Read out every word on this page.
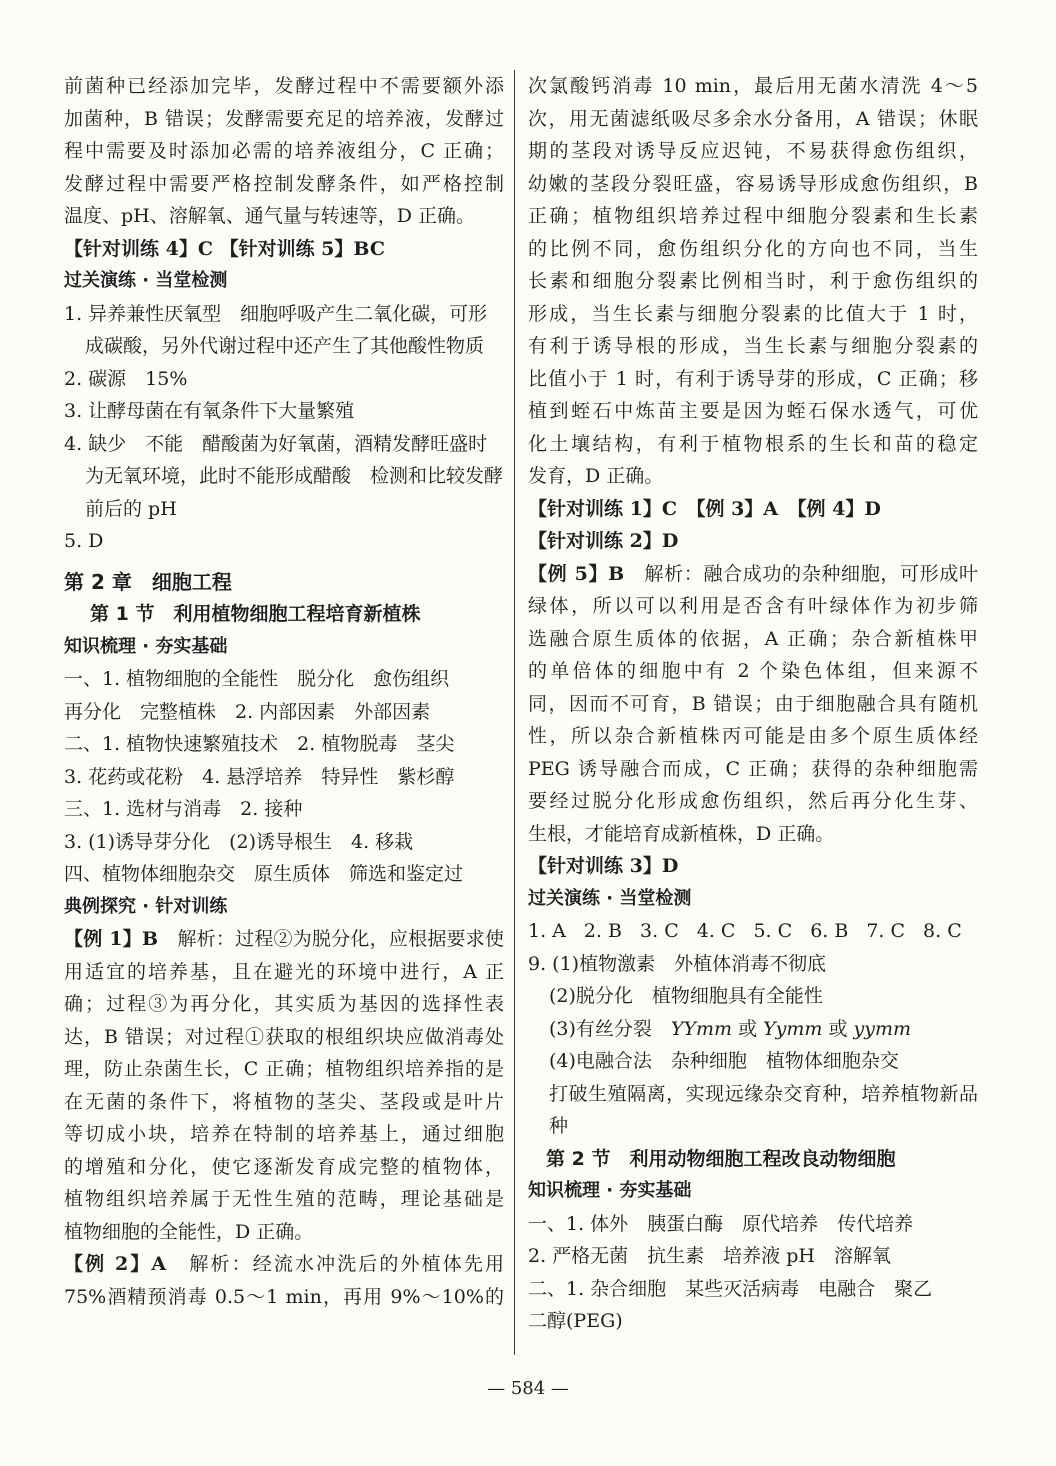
前菌种已经添加完毕，发酵过程中不需要额外添

加菌种，B 错误；发酵需要充足的培养液，发酵过

程中需要及时添加必需的培养液组分，C 正确；

发酵过程中需要严格控制发酵条件，如严格控制

温度、pH、溶解氧、通气量与转速等，D 正确。

【针对训练 4】C 【针对训练 5】BC

过关演练 · 当堂检测

1. 异养兼性厌氧型　细胞呼吸产生二氧化碳，可形成碳酸，另外代谢过程中还产生了其他酸性物质

2. 碳源　15%

3. 让酵母菌在有氧条件下大量繁殖

4. 缺少　不能　醋酸菌为好氧菌，酒精发酵旺盛时为无氧环境，此时不能形成醋酸　检测和比较发酵前后的 pH

5. D

第 2 章　细胞工程

第 1 节　利用植物细胞工程培育新植株

知识梳理 · 夯实基础

一、1. 植物细胞的全能性　脱分化　愈伤组织

再分化　完整植株　2. 内部因素　外部因素

二、1. 植物快速繁殖技术　2. 植物脱毒　茎尖

3. 花药或花粉　4. 悬浮培养　特异性　紫杉醇

三、1. 选材与消毒　2. 接种

3. (1)诱导芽分化　(2)诱导根生　4. 移栽

四、植物体细胞杂交　原生质体　筛选和鉴定过

典例探究 · 针对训练

【例 1】B　解析：过程②为脱分化，应根据要求使

用适宜的培养基，且在避光的环境中进行，A 正

确；过程③为再分化，其实质为基因的选择性表

达，B 错误；对过程①获取的根组织块应做消毒处

理，防止杂菌生长，C 正确；植物组织培养指的是

在无菌的条件下，将植物的茎尖、茎段或是叶片

等切成小块，培养在特制的培养基上，通过细胞

的增殖和分化，使它逐渐发育成完整的植物体，

植物组织培养属于无性生殖的范畴，理论基础是

植物细胞的全能性，D 正确。

【例 2】A　解析：经流水冲洗后的外植体先用

75%酒精预消毒 0.5～1 min，再用 9%～10%的

次氯酸钙消毒 10 min，最后用无菌水清洗 4～5

次，用无菌滤纸吸尽多余水分备用，A 错误；休眠

期的茎段对诱导反应迟钝，不易获得愈伤组织，

幼嫩的茎段分裂旺盛，容易诱导形成愈伤组织，B

正确；植物组织培养过程中细胞分裂素和生长素

的比例不同，愈伤组织分化的方向也不同，当生

长素和细胞分裂素比例相当时，利于愈伤组织的

形成，当生长素与细胞分裂素的比值大于 1 时，

有利于诱导根的形成，当生长素与细胞分裂素的

比值小于 1 时，有利于诱导芽的形成，C 正确；移

植到蛭石中炼苗主要是因为蛭石保水透气，可优

化土壤结构，有利于植物根系的生长和苗的稳定

发育，D 正确。

【针对训练 1】C　【例 3】A　【例 4】D

【针对训练 2】D

【例 5】B　解析：融合成功的杂种细胞，可形成叶

绿体，所以可以利用是否含有叶绿体作为初步筛

选融合原生质体的依据，A 正确；杂合新植株甲

的单倍体的细胞中有 2 个染色体组，但来源不

同，因而不可育，B 错误；由于细胞融合具有随机

性，所以杂合新植株丙可能是由多个原生质体经

PEG 诱导融合而成，C 正确；获得的杂种细胞需

要经过脱分化形成愈伤组织，然后再分化生芽、

生根，才能培育成新植株，D 正确。

【针对训练 3】D

过关演练 · 当堂检测

1. A 2. B 3. C 4. C 5. C 6. B 7. C 8. C

9. (1)植物激素　外植体消毒不彻底

(2)脱分化　植物细胞具有全能性

(3)有丝分裂　YYmm 或 Yymm 或 yymm

(4)电融合法　杂种细胞　植物体细胞杂交

打破生殖隔离，实现远缘杂交育种，培养植物新品种

第 2 节　利用动物细胞工程改良动物细胞

知识梳理 · 夯实基础

一、1. 体外　胰蛋白酶　原代培养　传代培养

2. 严格无菌　抗生素　培养液 pH　溶解氧

二、1. 杂合细胞　某些灭活病毒　电融合　聚乙

二醇(PEG)

— 584 —
